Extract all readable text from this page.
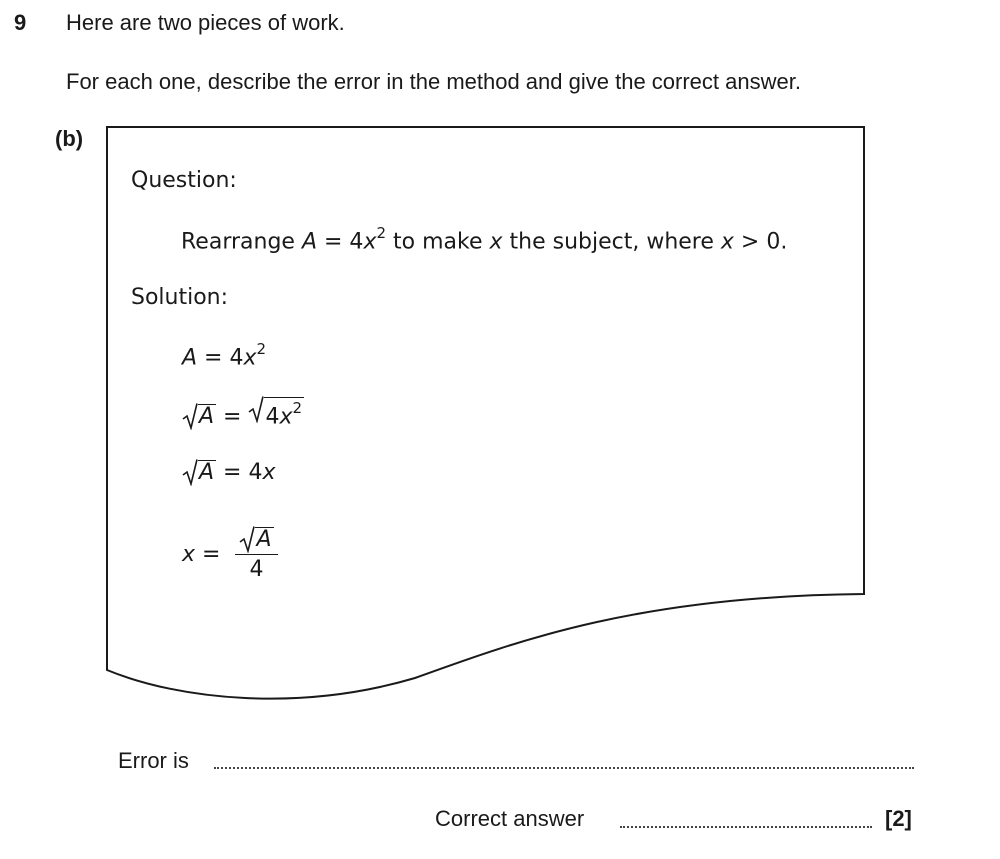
9 Here are two pieces of work.
For each one, describe the error in the method and give the correct answer.
(b)
Question:
Rearrange $A = 4x^2$ to make x the subject, where x > 0.
Solution:
$A = 4x^2$
A =
$4x^2$
A = 4x
$x = \frac{A}{4}$
Error is
Correct answer	[2]
